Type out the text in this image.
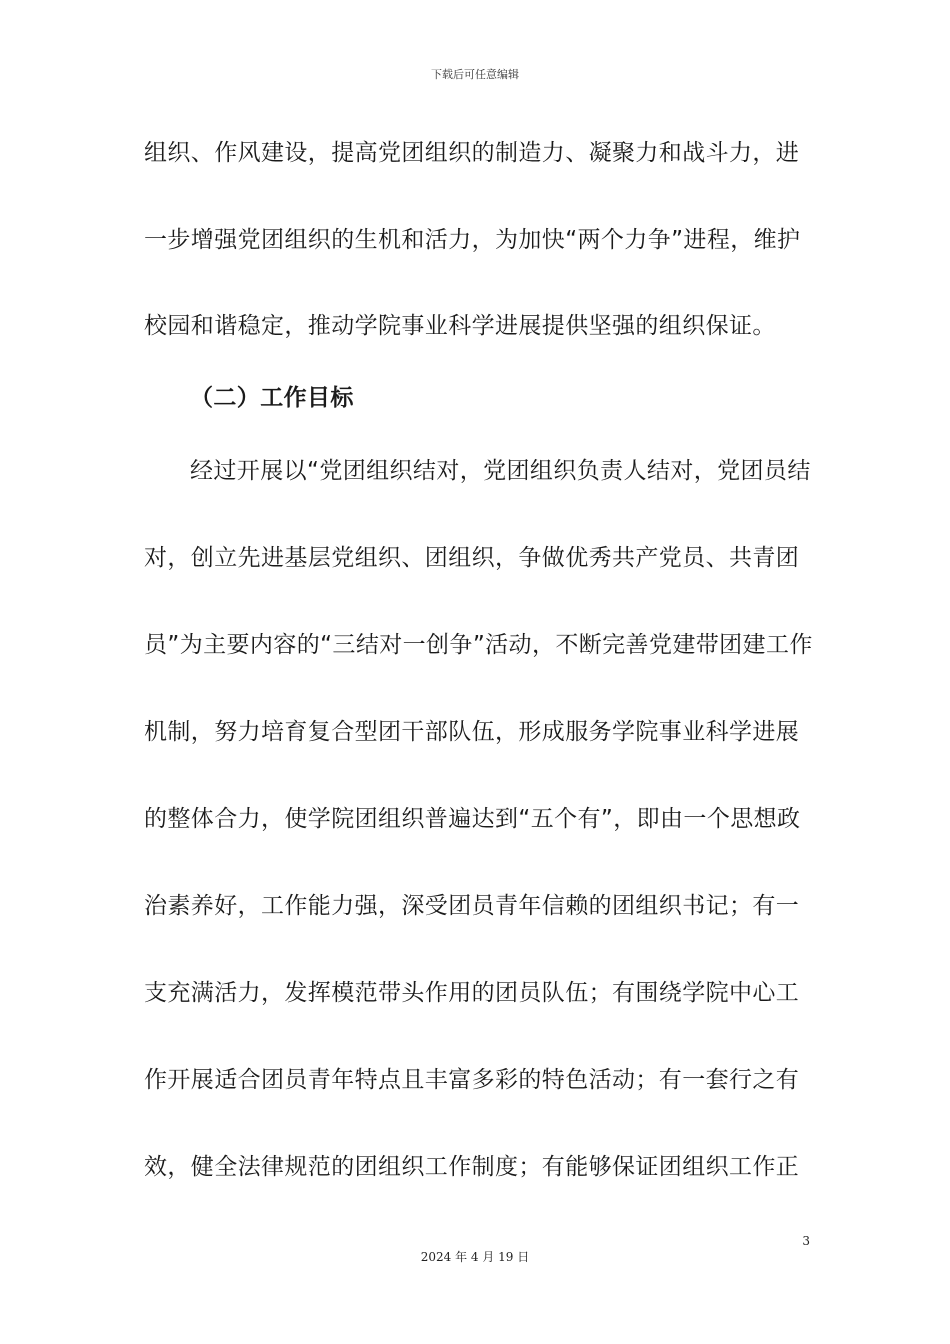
下载后可任意编辑
组织、作风建设，提高党团组织的制造力、凝聚力和战斗力，进
一步增强党团组织的生机和活力，为加快“两个力争”进程，维护
校园和谐稳定，推动学院事业科学进展提供坚强的组织保证。
（二）工作目标
经过开展以“党团组织结对，党团组织负责人结对，党团员结
对，创立先进基层党组织、团组织，争做优秀共产党员、共青团
员”为主要内容的“三结对一创争”活动，不断完善党建带团建工作
机制，努力培育复合型团干部队伍，形成服务学院事业科学进展
的整体合力，使学院团组织普遍达到“五个有”，即由一个思想政
治素养好，工作能力强，深受团员青年信赖的团组织书记；有一
支充满活力，发挥模范带头作用的团员队伍；有围绕学院中心工
作开展适合团员青年特点且丰富多彩的特色活动；有一套行之有
效，健全法律规范的团组织工作制度；有能够保证团组织工作正
3
2024 年 4 月 19 日
